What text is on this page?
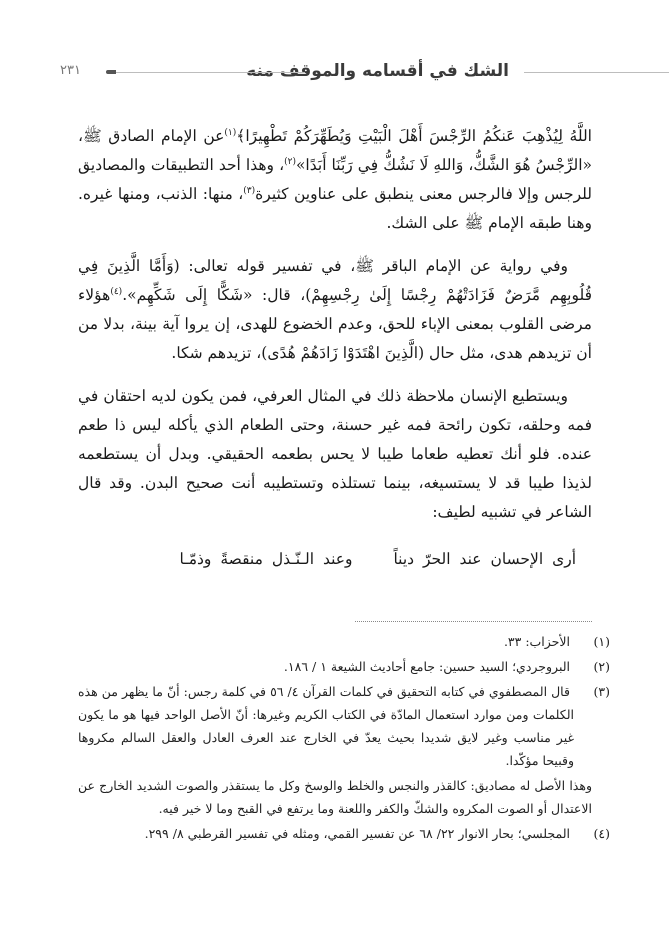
الشك في أقسامه والموقف منه
٢٣١

اللَّهُ لِيُذْهِبَ عَنكُمُ الرِّجْسَ أَهْلَ الْبَيْتِ وَيُطَهِّرَكُمْ تَطْهِيرًا﴾$^{(١)}$عن الإمام الصادق ﷺ، «الرِّجْسُ هُوَ الشَّكُّ، وَاللهِ لَا نَشُكُّ فِي رَبِّنَا أَبَدًا»$^{(٢)}$، وهذا أحد التطبيقات والمصاديق للرجس وإلا فالرجس معنى ينطبق على عناوين كثيرة$^{(٣)}$، منها: الذنب، ومنها غيره. وهنا طبقه الإمام ﷺ على الشك.

وفي رواية عن الإمام الباقر ﷺ، في تفسير قوله تعالى: (وَأَمَّا الَّذِينَ فِي قُلُوبِهِم مَّرَضٌ فَزَادَتْهُمْ رِجْسًا إِلَىٰ رِجْسِهِمْ)، قال: «شَكًّا إِلَى شَكِّهِم».$^{(٤)}$هؤلاء مرضى القلوب بمعنى الإباء للحق، وعدم الخضوع للهدى، إن يروا آية بينة، بدلا من أن تزيدهم هدى، مثل حال (الَّذِينَ اهْتَدَوْا زَادَهُمْ هُدًى)، تزيدهم شكا.

ويستطيع الإنسان ملاحظة ذلك في المثال العرفي، فمن يكون لديه احتقان في فمه وحلقه، تكون رائحة فمه غير حسنة، وحتى الطعام الذي يأكله ليس ذا طعم عنده. فلو أنك تعطيه طعاما طيبا لا يحس بطعمه الحقيقي. وبدل أن يستطعمه لذيذا طيبا قد لا يستسيغه، بينما تستلذه وتستطيبه أنت صحيح البدن. وقد قال الشاعر في تشبيه لطيف:

أرى الإحسان عند الحرّ ديناً وعند الـنّـذل منقصةً وذمّـا
(١) الأحزاب: ٣٣.
(٢) البروجردي؛ السيد حسين: جامع أحاديث الشيعة ١ / ١٨٦.
(٣) قال المصطفوي في كتابه التحقيق في كلمات القرآن ٤/ ٥٦ في كلمة رجس: أنّ ما يظهر من هذه الكلمات ومن موارد استعمال المادّة في الكتاب الكريم وغيرها: أنّ الأصل الواحد فيها هو ما يكون غير مناسب وغير لايق شديدا بحيث يعدّ في الخارج عند العرف العادل والعقل السالم مكروها وقبيحا مؤكّدا.
وهذا الأصل له مصاديق: كالقذر والنجس والخلط والوسخ وكل ما يستقذر والصوت الشديد الخارج عن الاعتدال أو الصوت المكروه والشكّ والكفر واللعنة وما يرتفع في القبح وما لا خير فيه.
(٤) المجلسي؛ بحار الانوار ٢٢/ ٦٨ عن تفسير القمي، ومثله في تفسير القرطبي ٨/ ٢٩٩.
